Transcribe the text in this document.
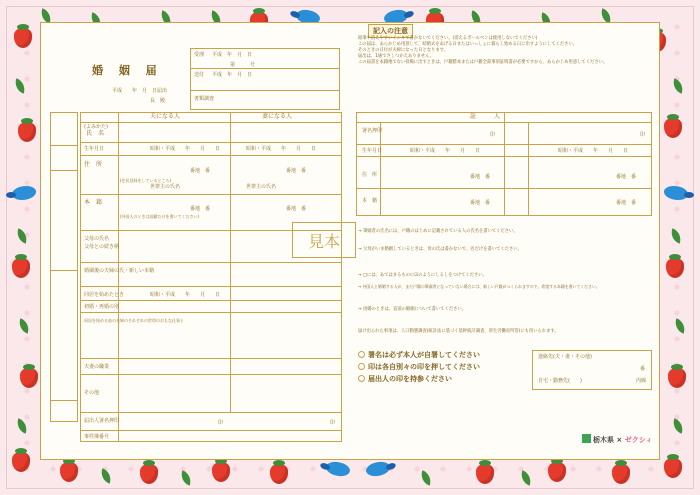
婚 姻 届
平成　　年　月　日届出
長　殿
受理 平成　年　月　日
送付 平成　年　月　日
第　　　号
書類調査
夫になる人	妻になる人
(よみかた)
氏　名
生年月日	昭和・平成　　年　　月　　日	昭和・平成　　年　　月　　日
住　所
(住民登録をしているところ)
番地　番	番地　番
世帯主の氏名	世帯主の氏名
本　籍
(外国人のときは国籍だけを書いてください)
番地　番	番地　番
父母の氏名
父母との続き柄
婚姻後の夫婦の氏・新しい本籍
同居を始めたとき	昭和・平成　　年　　月　　日
初婚・再婚の別
同居を始める前の夫婦のそれぞれの世帯のおもな仕事と
夫妻の職業
その他
届出人署名押印	印	印
事件簿番号
見本
記入の注意
鉛筆や消えやすいインキで書かないでください。(消えるボールペンは使用しないでください)
この届は、あらかじめ用意して、結婚式をあげる日またはいっしょに暮らし始める日に出すようにしてください。
そのときの日付が夫婦になった日となります。
届出は、1通でさしつかえありません。
この届書を本籍地でない役場に出すときは、戸籍謄本または戸籍全部事項証明書が必要ですから、あらかじめ用意してください。
証　　　人
署名押印
印	印
生年月日	昭和・平成　　年　　月　　日	昭和・平成　　年　　月　　日
住　所	番地　番	番地　番
本　籍	番地　番	番地　番
→ 筆頭者の氏名には、戸籍のはじめに記載されている人の氏名を書いてください。
→ 父母がいま婚姻しているときは、母の氏は書かないで、名だけを書いてください。
→ □には、あてはまるものに☑のようにしるしをつけてください。
→ 外国人と婚姻する人が、まだ戸籍の筆頭者となっていない場合には、新しい戸籍がつくられますので、希望する本籍を書いてください。
→ 再婚のときは、直前の婚姻について書いてください。
届け出られた事項は、人口動態調査(統計法に基づく基幹統計調査、厚生労働省所管)にも用いられます。
署名は必ず本人が自署してください
印は各自別々の印を押してください
届出人の印を持参ください
連絡先(夫・妻・その他)
番
自宅・勤務先(　　)	内線
栃木県 × ゼクシィ
